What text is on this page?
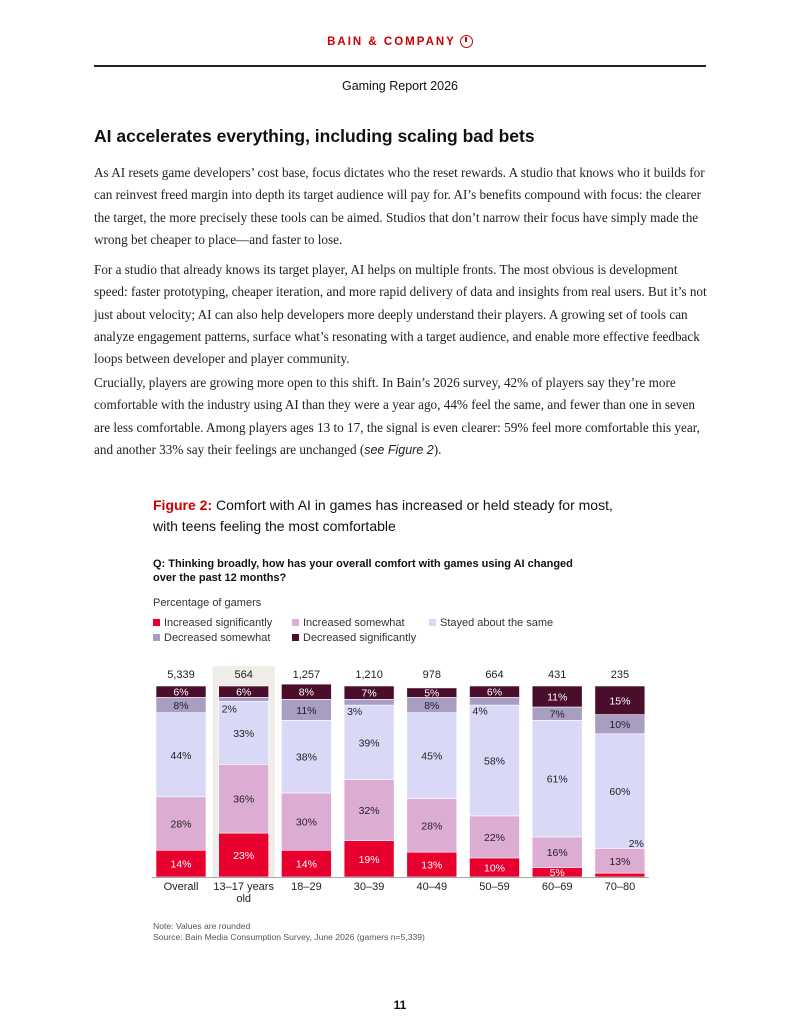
BAIN & COMPANY
Gaming Report 2026
AI accelerates everything, including scaling bad bets

As AI resets game developers’ cost base, focus dictates who the reset rewards. A studio that knows who it builds for can reinvest freed margin into depth its target audience will pay for. AI’s benefits compound with focus: the clearer the target, the more precisely these tools can be aimed. Studios that don’t narrow their focus have simply made the wrong bet cheaper to place—and faster to lose.

For a studio that already knows its target player, AI helps on multiple fronts. The most obvious is development speed: faster prototyping, cheaper iteration, and more rapid delivery of data and insights from real users. But it’s not just about velocity; AI can also help developers more deeply understand their players. A growing set of tools can analyze engagement patterns, surface what’s resonating with a target audience, and enable more effective feedback loops between developer and player community.

Crucially, players are growing more open to this shift. In Bain’s 2026 survey, 42% of players say they’re more comfortable with the industry using AI than they were a year ago, 44% feel the same, and fewer than one in seven are less comfortable. Among players ages 13 to 17, the signal is even clearer: 59% feel more comfortable this year, and another 33% say their feelings are unchanged (see Figure 2).

Figure 2: Comfort with AI in games has increased or held steady for most, with teens feeling the most comfortable
Q: Thinking broadly, how has your overall comfort with games using AI changed over the past 12 months?
Percentage of gamers
Increased significantly	Increased somewhat	Stayed about the same
Decreased somewhat	Decreased significantly
14%
28%
44%
8%
6%
5,339
Overall
23%
36%
33%
2%
6%
564
13–17 years
old
14%
30%
38%
11%
8%
1,257
18–29
19%
32%
39%
3%
7%
1,210
30–39
13%
28%
45%
8%
5%
978
40–49
10%
22%
58%
4%
6%
664
50–59
5%
16%
61%
7%
11%
431
60–69
2%
13%
60%
10%
15%
235
70–80
Note: Values are rounded
Source: Bain Media Consumption Survey, June 2026 (gamers n=5,339)
11
